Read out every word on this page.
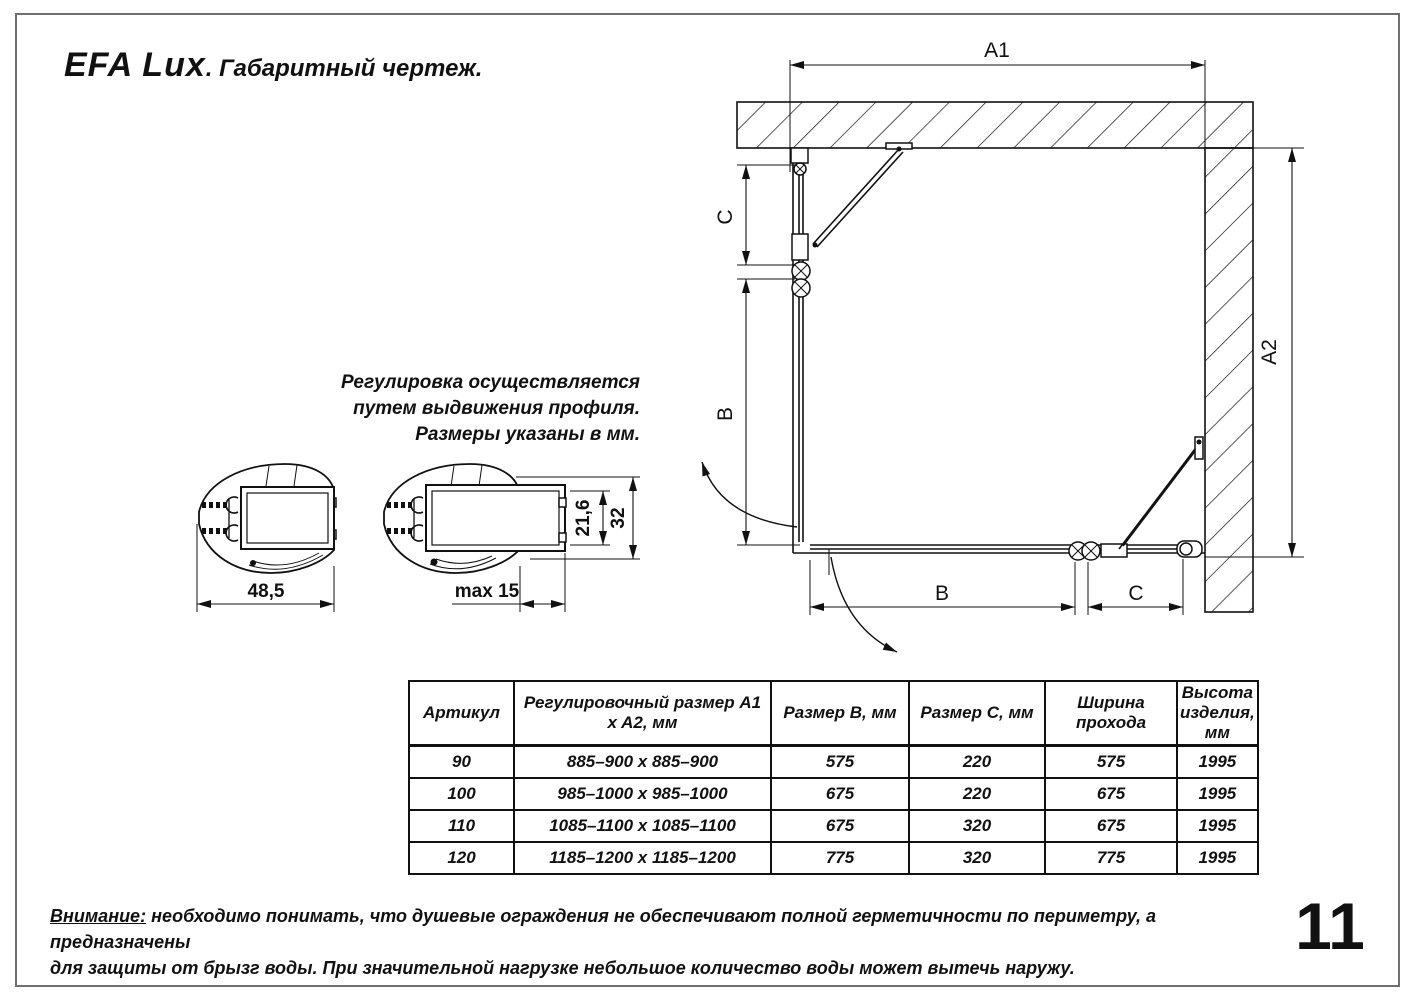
EFA Lux. Габаритный чертеж.
Регулировка осуществляется
путем выдвижения профиля.
Размеры указаны в мм.
A1
A2
C
B
B	C
48,5	max 15
21,6 32
Артикул	Регулировочный размер A1 x A2, мм	Размер B, мм	Размер C, мм	Ширина прохода	Высота изделия, мм
90	885–900 x 885–900	575	220	575	1995
100	985–1000 x 985–1000	675	220	675	1995
110	1085–1100 x 1085–1100	675	320	675	1995
120	1185–1200 x 1185–1200	775	320	775	1995
Внимание: необходимо понимать, что душевые ограждения не обеспечивают полной герметичности по периметру, а предназначены
для защиты от брызг воды. При значительной нагрузке небольшое количество воды может вытечь наружу.
11
